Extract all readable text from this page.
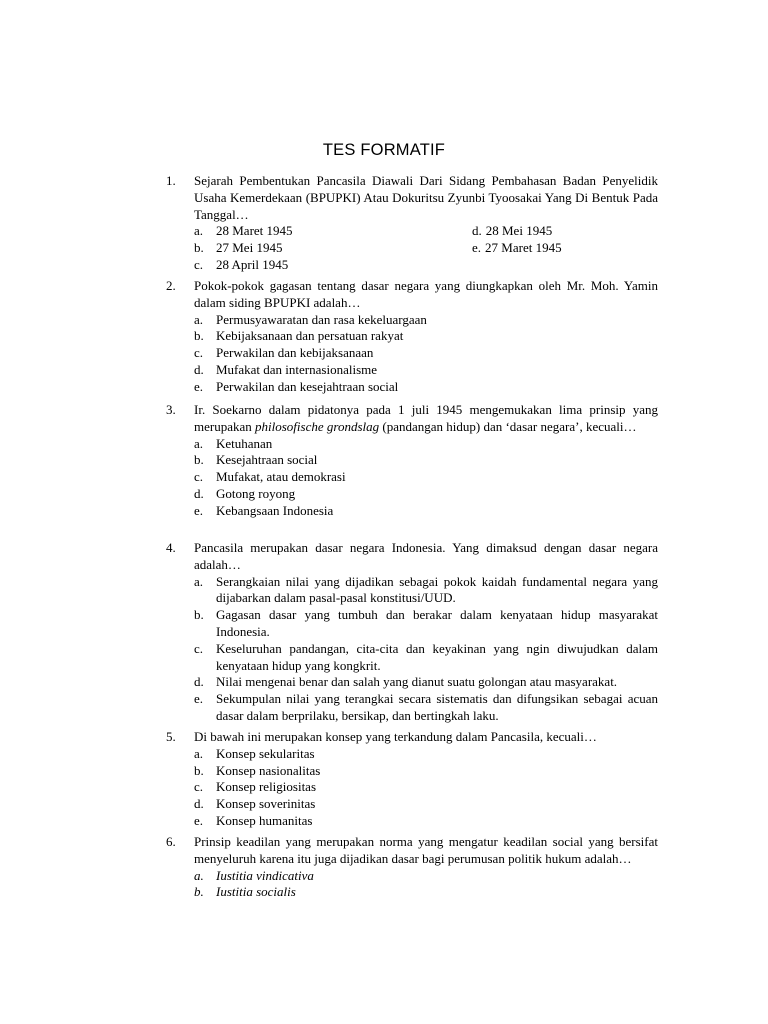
TES FORMATIF
1. Sejarah Pembentukan Pancasila Diawali Dari Sidang Pembahasan Badan Penyelidik Usaha Kemerdekaan (BPUPKI) Atau Dokuritsu Zyunbi Tyoosakai Yang Di Bentuk Pada Tanggal…
a. 28 Maret 1945
b. 27 Mei 1945
c. 28 April 1945
d. 28 Mei 1945
e. 27 Maret 1945
2. Pokok-pokok gagasan tentang dasar negara yang diungkapkan oleh Mr. Moh. Yamin dalam siding BPUPKI adalah…
a. Permusyawaratan dan rasa kekeluargaan
b. Kebijaksanaan dan persatuan rakyat
c. Perwakilan dan kebijaksanaan
d. Mufakat dan internasionalisme
e. Perwakilan dan kesejahtraan social
3. Ir. Soekarno dalam pidatonya pada 1 juli 1945 mengemukakan lima prinsip yang merupakan philosofische grondslag (pandangan hidup) dan ‘dasar negara’, kecuali…
a. Ketuhanan
b. Kesejahtraan social
c. Mufakat, atau demokrasi
d. Gotong royong
e. Kebangsaan Indonesia
4. Pancasila merupakan dasar negara Indonesia. Yang dimaksud dengan dasar negara adalah…
a. Serangkaian nilai yang dijadikan sebagai pokok kaidah fundamental negara yang dijabarkan dalam pasal-pasal konstitusi/UUD.
b. Gagasan dasar yang tumbuh dan berakar dalam kenyataan hidup masyarakat Indonesia.
c. Keseluruhan pandangan, cita-cita dan keyakinan yang ngin diwujudkan dalam kenyataan hidup yang kongkrit.
d. Nilai mengenai benar dan salah yang dianut suatu golongan atau masyarakat.
e. Sekumpulan nilai yang terangkai secara sistematis dan difungsikan sebagai acuan dasar dalam berprilaku, bersikap, dan bertingkah laku.
5. Di bawah ini merupakan konsep yang terkandung dalam Pancasila, kecuali…
a. Konsep sekularitas
b. Konsep nasionalitas
c. Konsep religiositas
d. Konsep soverinitas
e. Konsep humanitas
6. Prinsip keadilan yang merupakan norma yang mengatur keadilan social yang bersifat menyeluruh karena itu juga dijadikan dasar bagi perumusan politik hukum adalah…
a. Iustitia vindicativa
b. Iustitia socialis
